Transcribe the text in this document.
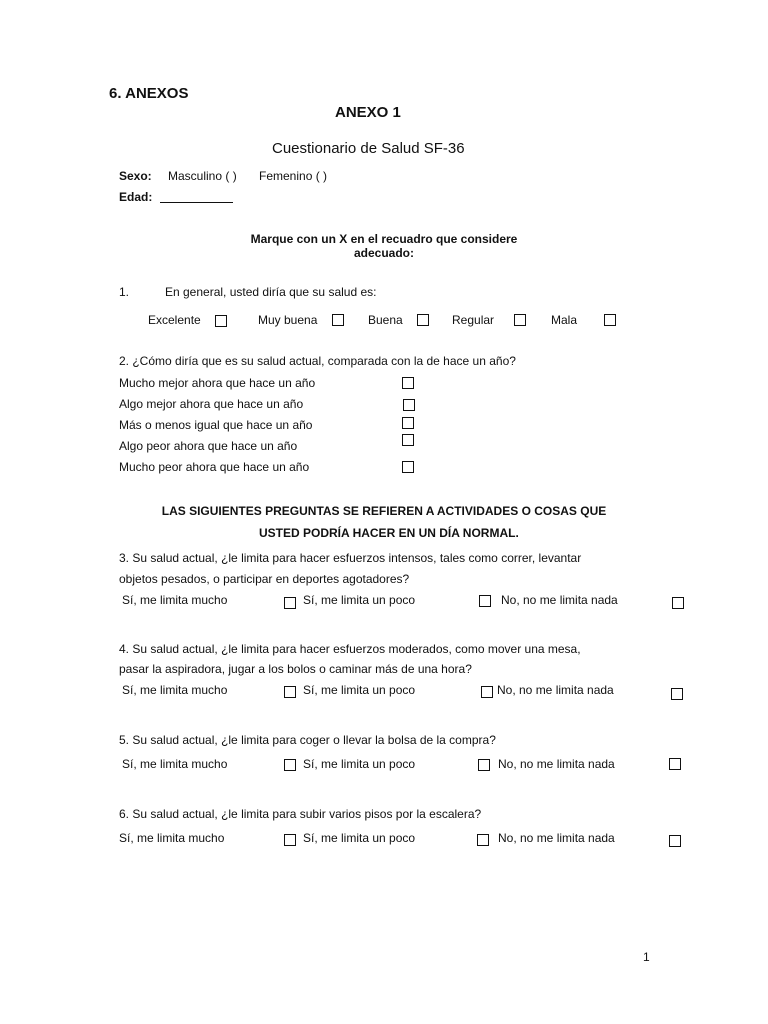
6. ANEXOS
ANEXO 1
Cuestionario de Salud SF-36
Sexo: Masculino ( ) Femenino ( )
Edad:
Marque con un X en el recuadro que considere
adecuado:
1.	En general, usted diría que su salud es:
Excelente	Muy buena	Buena	Regular	Mala
2. ¿Cómo diría que es su salud actual, comparada con la de hace un año?
Mucho mejor ahora que hace un año
Algo mejor ahora que hace un año
Más o menos igual que hace un año
Algo peor ahora que hace un año
Mucho peor ahora que hace un año
LAS SIGUIENTES PREGUNTAS SE REFIEREN A ACTIVIDADES O COSAS QUE
USTED PODRÍA HACER EN UN DÍA NORMAL.
3. Su salud actual, ¿le limita para hacer esfuerzos intensos, tales como correr, levantar
objetos pesados, o participar en deportes agotadores?
Sí, me limita mucho	Sí, me limita un poco	No, no me limita nada
4. Su salud actual, ¿le limita para hacer esfuerzos moderados, como mover una mesa,
pasar la aspiradora, jugar a los bolos o caminar más de una hora?
Sí, me limita mucho	Sí, me limita un poco	No, no me limita nada
5. Su salud actual, ¿le limita para coger o llevar la bolsa de la compra?
Sí, me limita mucho	Sí, me limita un poco	No, no me limita nada
6. Su salud actual, ¿le limita para subir varios pisos por la escalera?
Sí, me limita mucho	Sí, me limita un poco	No, no me limita nada
1
